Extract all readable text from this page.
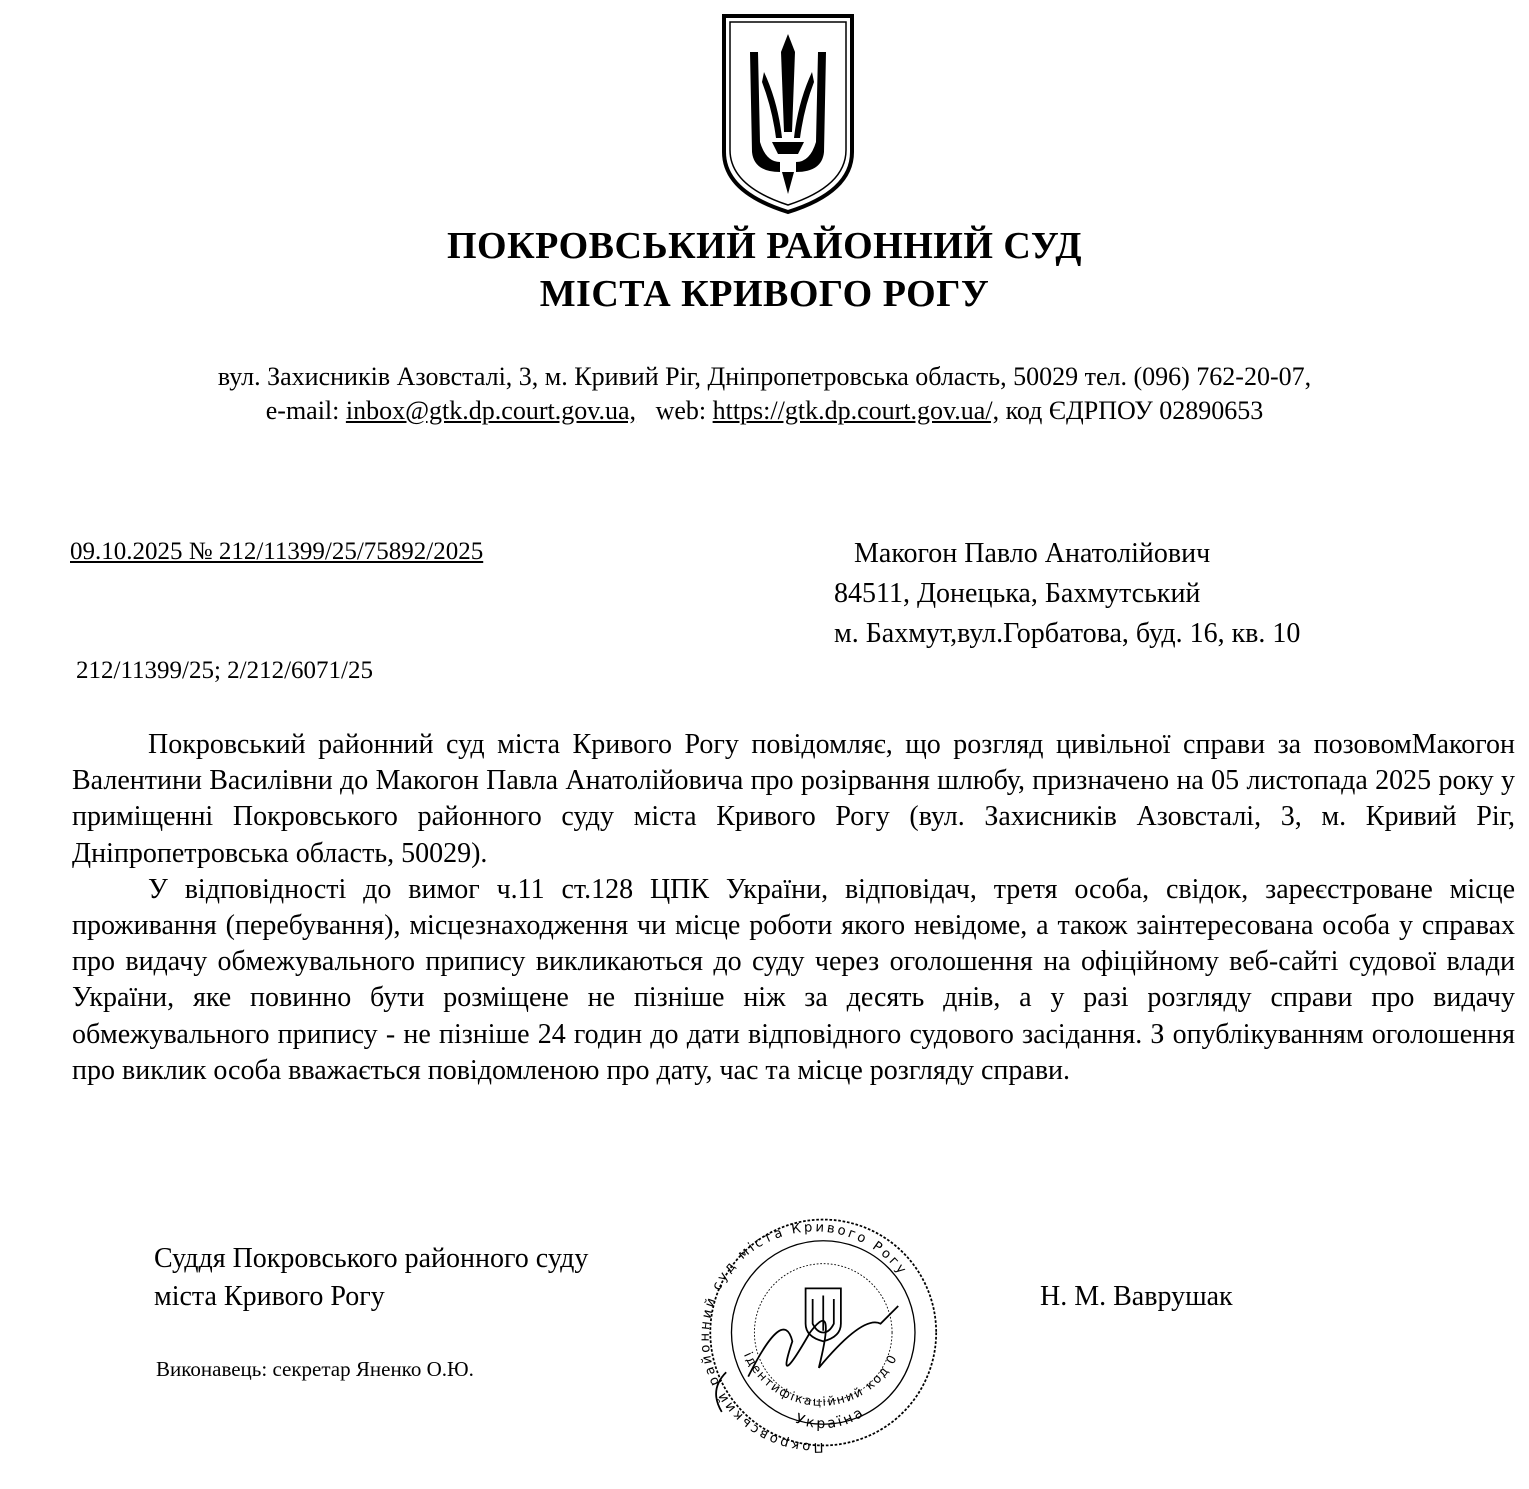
ПОКРОВСЬКИЙ РАЙОННИЙ СУД
МІСТА КРИВОГО РОГУ
вул. Захисників Азовсталі, 3, м. Кривий Ріг, Дніпропетровська область, 50029 тел. (096) 762-20-07,
e-mail: inbox@gtk.dp.court.gov.ua, web: https://gtk.dp.court.gov.ua/, код ЄДРПОУ 02890653
09.10.2025 № 212/11399/25/75892/2025
212/11399/25; 2/212/6071/25
Макогон Павло Анатолійович
84511, Донецька, Бахмутський
м. Бахмут,вул.Горбатова, буд. 16, кв. 10

Покровський районний суд міста Кривого Рогу повідомляє, що розгляд цивільної справи за позовомМакогон Валентини Василівни до Макогон Павла Анатолійовича про розірвання шлюбу, призначено на 05 листопада 2025 року у приміщенні Покровського районного суду міста Кривого Рогу (вул. Захисників Азовсталі, 3, м. Кривий Ріг, Дніпропетровська область, 50029).

У відповідності до вимог ч.11 ст.128 ЦПК України, відповідач, третя особа, свідок, зареєстроване місце проживання (перебування), місцезнаходження чи місце роботи якого невідоме, а також заінтересована особа у справах про видачу обмежувального припису викликаються до суду через оголошення на офіційному веб-сайті судової влади України, яке повинно бути розміщене не пізніше ніж за десять днів, а у разі розгляду справи про видачу обмежувального припису - не пізніше 24 годин до дати відповідного судового засідання. З опублікуванням оголошення про виклик особа вважається повідомленою про дату, час та місце розгляду справи.

Суддя Покровського районного суду
міста Кривого Рогу	Н. М. Ваврушак
Покровський районний суд міста Кривого Рогу
ідентифікаційний код 0
Україна
Виконавець: секретар Яненко О.Ю.
